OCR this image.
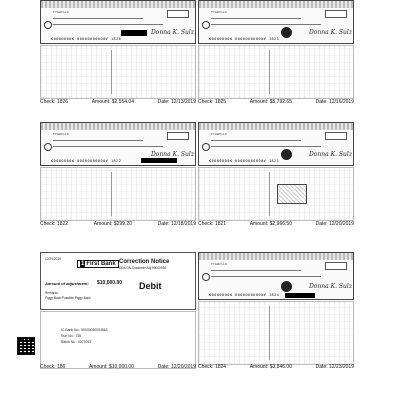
TYLER LLC
Donna K. Sulz
⑆0000000⑆ 00000000000⑈ 1826
Check: 1826	Amount: $2,554.04	Date: 12/13/2019
TYLER LLC
Donna K. Sulz
⑆0000000⑆ 00000000000⑈ 1825
Check: 1825	Amount: $5,792.65	Date: 12/16/2019
TYLER LLC
Donna K. Sulz
⑆0000000⑆ 00000000000⑈ 1822
Check: 1822	Amount: $299.20	Date: 12/18/2019
TYLER LLC
Donna K. Sulz
⑆0000000⑆ 00000000000⑈ 1821
Check: 1821	Amount: $2,966.50	Date: 12/20/2019
12/20/2019
1 First Bank Correction Notice
DDA DN Customer Adj 99000930
Amount of adjustment: $10,000.00 Debit
Remarks:
Piggy Back Possible Piggy Back
IC Bank No.: 99000030004563
Run No.: 735
Batch No.: 4207093
Check: 186	Amount: $10,000.00	Date: 12/20/2019
TYLER LLC
Donna K. Sulz
⑆0000000⑆ 00000000000⑈ 1824
Check: 1824	Amount: $3,846.00	Date: 12/23/2019
